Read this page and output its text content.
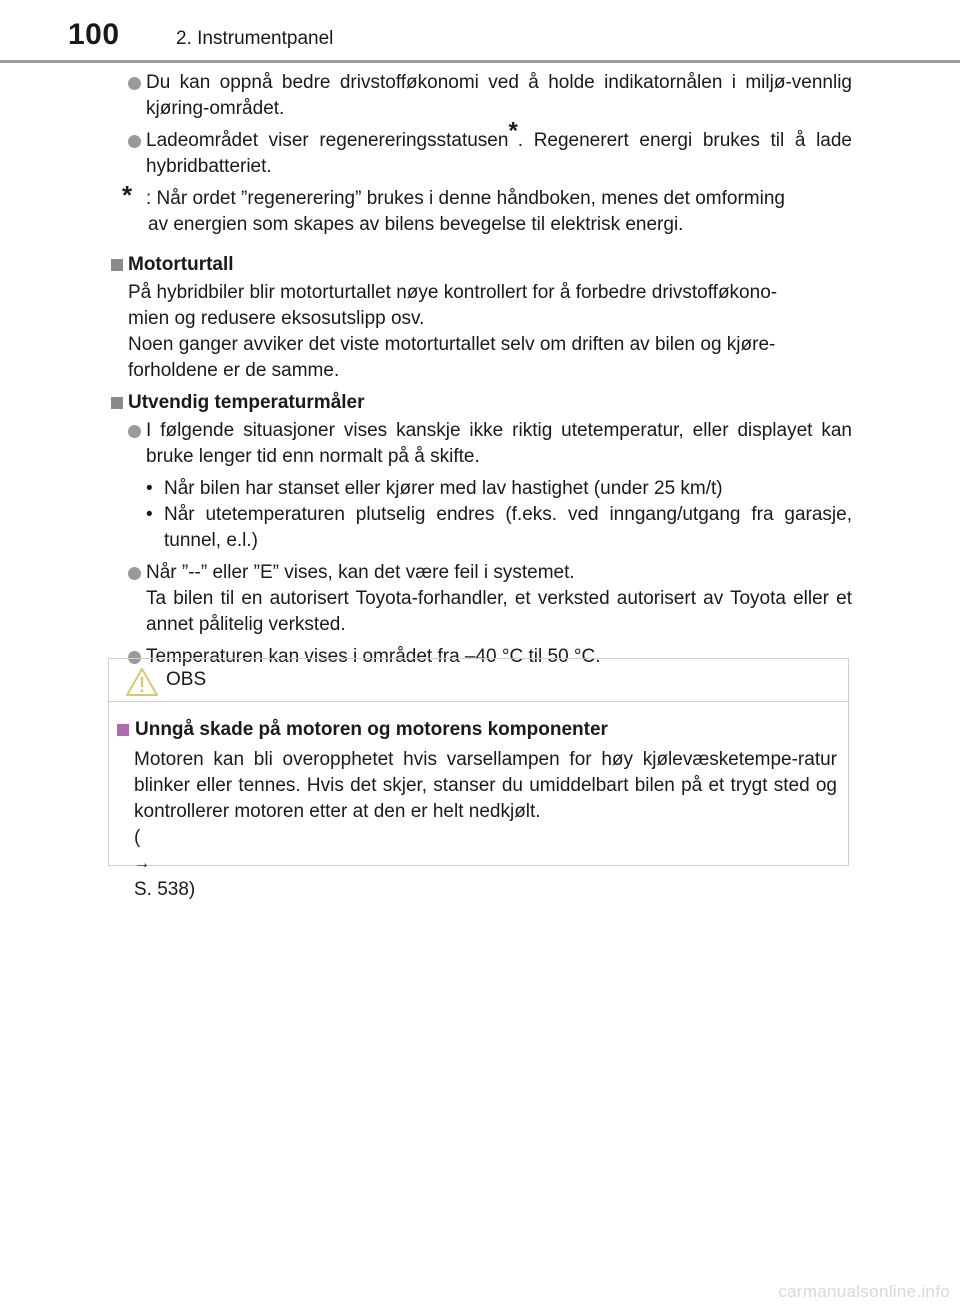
100	2. Instrumentpanel
Du kan oppnå bedre drivstofføkonomi ved å holde indikatornålen i miljø-vennlig kjøring-området.
Ladeområdet viser regenereringsstatusen*. Regenerert energi brukes til å lade hybridbatteriet.
* : Når ordet ”regenerering” brukes i denne håndboken, menes det omforming
av energien som skapes av bilens bevegelse til elektrisk energi.
Motorturtall
På hybridbiler blir motorturtallet nøye kontrollert for å forbedre drivstofføkono-
mien og redusere eksosutslipp osv.
Noen ganger avviker det viste motorturtallet selv om driften av bilen og kjøre-
forholdene er de samme.
Utvendig temperaturmåler
I følgende situasjoner vises kanskje ikke riktig utetemperatur, eller displayet kan bruke lenger tid enn normalt på å skifte.
• Når bilen har stanset eller kjører med lav hastighet (under 25 km/t)
• Når utetemperaturen plutselig endres (f.eks. ved inngang/utgang fra garasje, tunnel, e.l.)
Når ”--” eller ”E” vises, kan det være feil i systemet.
Ta bilen til en autorisert Toyota-forhandler, et verksted autorisert av Toyota eller et annet pålitelig verksted.
Temperaturen kan vises i området fra –40 °C til 50 °C.
OBS
Unngå skade på motoren og motorens komponenter
Motoren kan bli overopphetet hvis varsellampen for høy kjølevæsketempe-ratur blinker eller tennes. Hvis det skjer, stanser du umiddelbart bilen på et trygt sted og kontrollerer motoren etter at den er helt nedkjølt.
(
→
S. 538)
carmanualsonline.info
